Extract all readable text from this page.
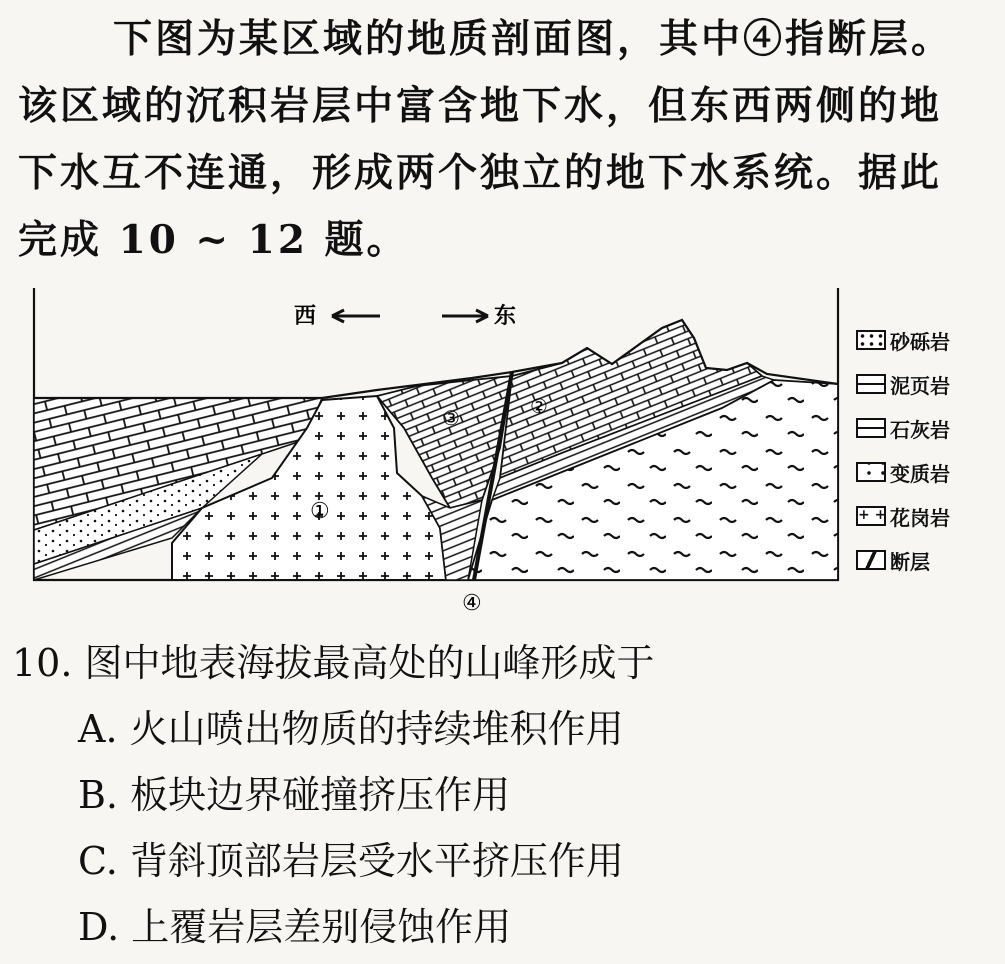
下图为某区域的地质剖面图，其中④指断层。
该区域的沉积岩层中富含地下水，但东西两侧的地
下水互不连通，形成两个独立的地下水系统。据此
完成 10 ~ 12 题。
西	东
①
③	②
④
砂砾岩
泥页岩
石灰岩
变质岩
+ + 花岗岩
断层
10. 图中地表海拔最高处的山峰形成于
A. 火山喷出物质的持续堆积作用
B. 板块边界碰撞挤压作用
C. 背斜顶部岩层受水平挤压作用
D. 上覆岩层差别侵蚀作用
